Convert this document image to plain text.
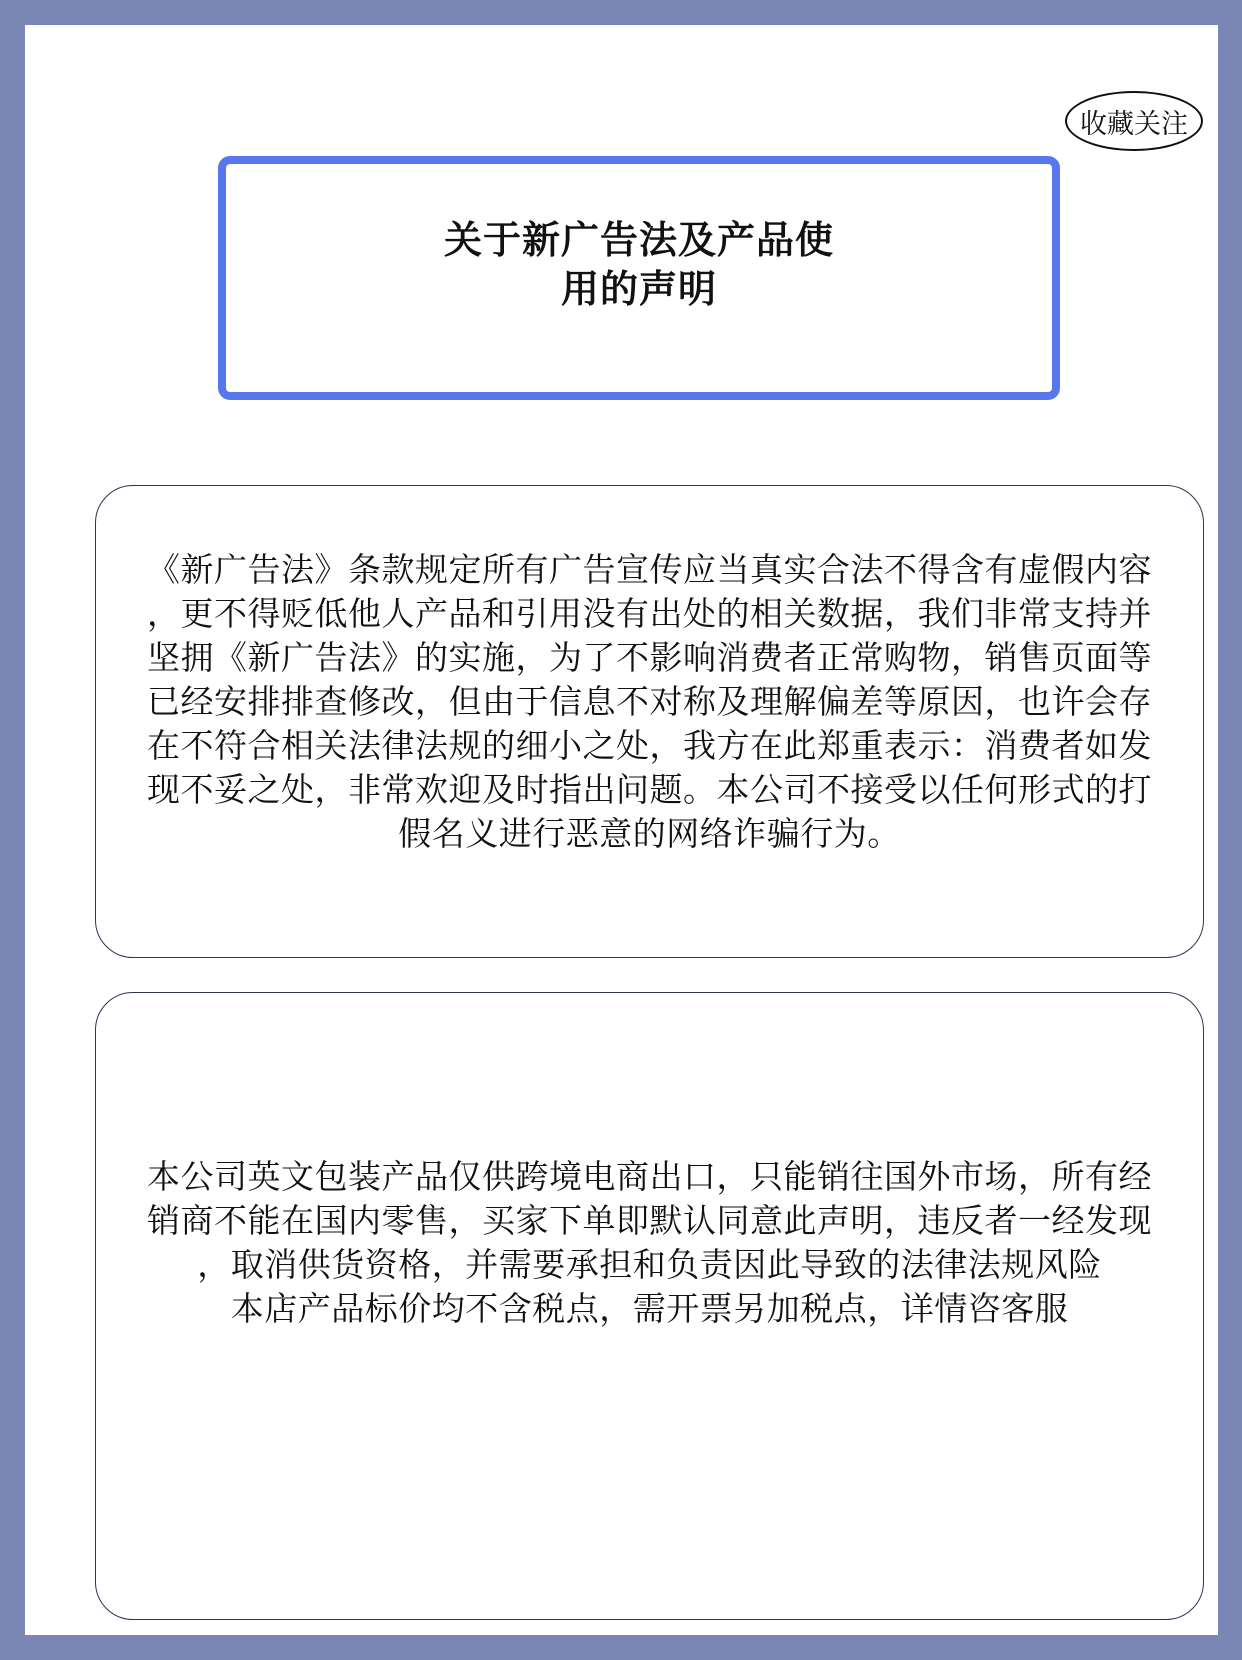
收藏关注
关于新广告法及产品使
用的声明
《新广告法》条款规定所有广告宣传应当真实合法不得含有虚假内容
，更不得贬低他人产品和引用没有出处的相关数据，我们非常支持并
坚拥《新广告法》的实施，为了不影响消费者正常购物，销售页面等
已经安排排查修改，但由于信息不对称及理解偏差等原因，也许会存
在不符合相关法律法规的细小之处，我方在此郑重表示：消费者如发
现不妥之处，非常欢迎及时指出问题。本公司不接受以任何形式的打
假名义进行恶意的网络诈骗行为。
本公司英文包装产品仅供跨境电商出口，只能销往国外市场，所有经
销商不能在国内零售，买家下单即默认同意此声明，违反者一经发现
，取消供货资格，并需要承担和负责因此导致的法律法规风险
本店产品标价均不含税点，需开票另加税点，详情咨客服
